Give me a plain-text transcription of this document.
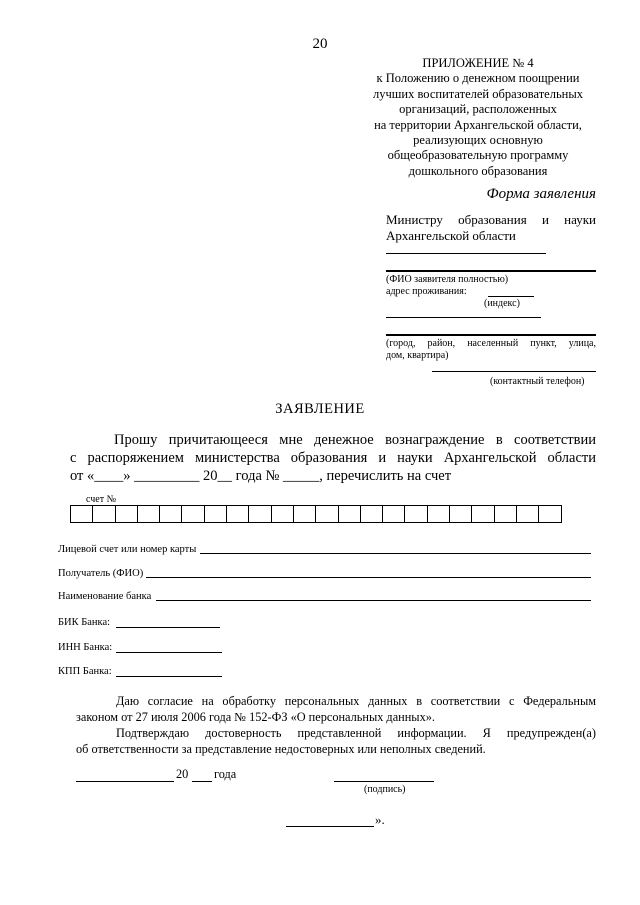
20
ПРИЛОЖЕНИЕ № 4
к Положению о денежном поощрении
лучших воспитателей образовательных
организаций, расположенных
на территории Архангельской области,
реализующих основную
общеобразовательную программу
дошкольного образования
Форма заявления
Министру образования и науки
Архангельской области
(ФИО заявителя полностью)
адрес проживания:
(индекс)
(город, район, населенный пункт, улица,
дом, квартира)
(контактный телефон)
ЗАЯВЛЕНИЕ
Прошу причитающееся мне денежное вознаграждение в соответствии
с распоряжением министерства образования и науки Архангельской области
от «____» _________ 20__ года № _____, перечислить на счет
счет №

Лицевой счет или номер карты
Получатель (ФИО)
Наименование банка
БИК Банка:
ИНН Банка:
КПП Банка:
Даю согласие на обработку персональных данных в соответствии с Федеральным
законом от 27 июля 2006 года № 152-ФЗ «О персональных данных».
Подтверждаю достоверность представленной информации. Я предупрежден(а)
об ответственности за представление недостоверных или неполных сведений.
20 года
(подпись)
».
